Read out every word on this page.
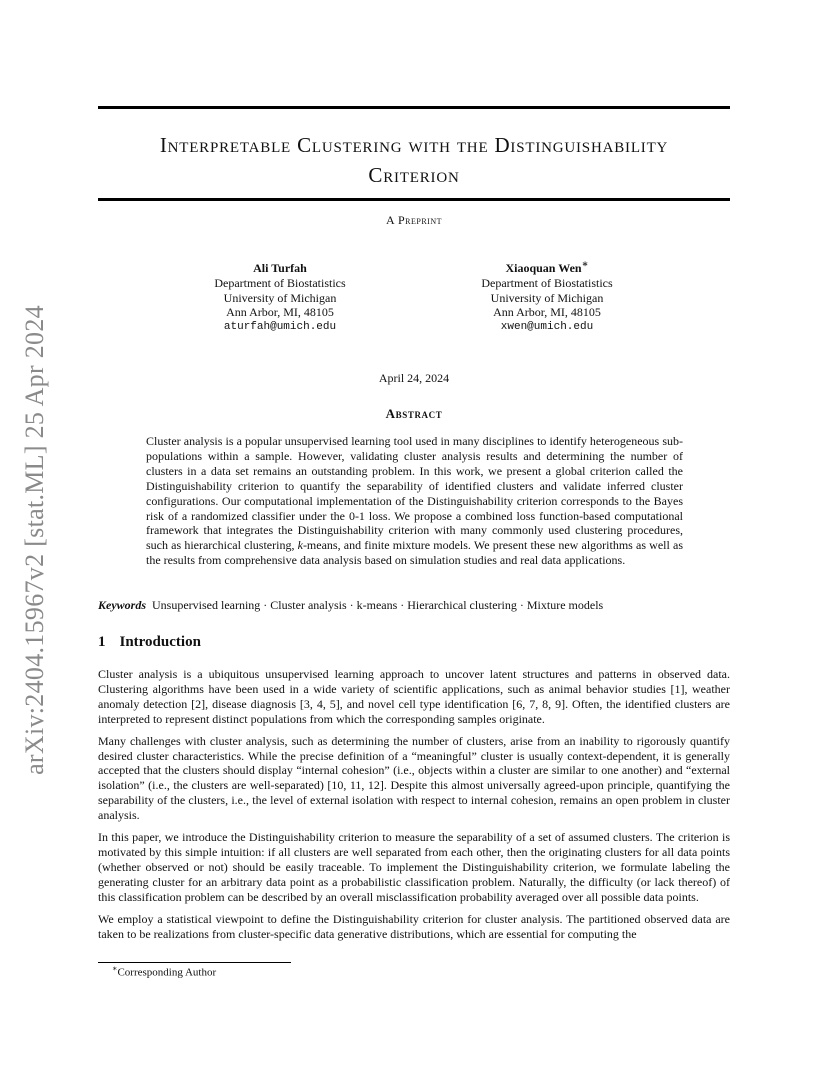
arXiv:2404.15967v2 [stat.ML] 25 Apr 2024
Interpretable Clustering with the Distinguishability
Criterion
A Preprint
Ali Turfah
Department of Biostatistics
University of Michigan
Ann Arbor, MI, 48105
aturfah@umich.edu
Xiaoquan Wen∗
Department of Biostatistics
University of Michigan
Ann Arbor, MI, 48105
xwen@umich.edu
April 24, 2024
Abstract
Cluster analysis is a popular unsupervised learning tool used in many disciplines to identify heterogeneous sub-populations within a sample. However, validating cluster analysis results and determining the number of clusters in a data set remains an outstanding problem. In this work, we present a global criterion called the Distinguishability criterion to quantify the separability of identified clusters and validate inferred cluster configurations. Our computational implementation of the Distinguishability criterion corresponds to the Bayes risk of a randomized classifier under the 0-1 loss. We propose a combined loss function-based computational framework that integrates the Distinguishability criterion with many commonly used clustering procedures, such as hierarchical clustering, k-means, and finite mixture models. We present these new algorithms as well as the results from comprehensive data analysis based on simulation studies and real data applications.
Keywords Unsupervised learning · Cluster analysis · k-means · Hierarchical clustering · Mixture models
1 Introduction

Cluster analysis is a ubiquitous unsupervised learning approach to uncover latent structures and patterns in observed data. Clustering algorithms have been used in a wide variety of scientific applications, such as animal behavior studies [1], weather anomaly detection [2], disease diagnosis [3, 4, 5], and novel cell type identification [6, 7, 8, 9]. Often, the identified clusters are interpreted to represent distinct populations from which the corresponding samples originate.

Many challenges with cluster analysis, such as determining the number of clusters, arise from an inability to rigorously quantify desired cluster characteristics. While the precise definition of a “meaningful” cluster is usually context-dependent, it is generally accepted that the clusters should display “internal cohesion” (i.e., objects within a cluster are similar to one another) and “external isolation” (i.e., the clusters are well-separated) [10, 11, 12]. Despite this almost universally agreed-upon principle, quantifying the separability of the clusters, i.e., the level of external isolation with respect to internal cohesion, remains an open problem in cluster analysis.

In this paper, we introduce the Distinguishability criterion to measure the separability of a set of assumed clusters. The criterion is motivated by this simple intuition: if all clusters are well separated from each other, then the originating clusters for all data points (whether observed or not) should be easily traceable. To implement the Distinguishability criterion, we formulate labeling the generating cluster for an arbitrary data point as a probabilistic classification problem. Naturally, the difficulty (or lack thereof) of this classification problem can be described by an overall misclassification probability averaged over all possible data points.

We employ a statistical viewpoint to define the Distinguishability criterion for cluster analysis. The partitioned observed data are taken to be realizations from cluster-specific data generative distributions, which are essential for computing the

∗Corresponding Author
